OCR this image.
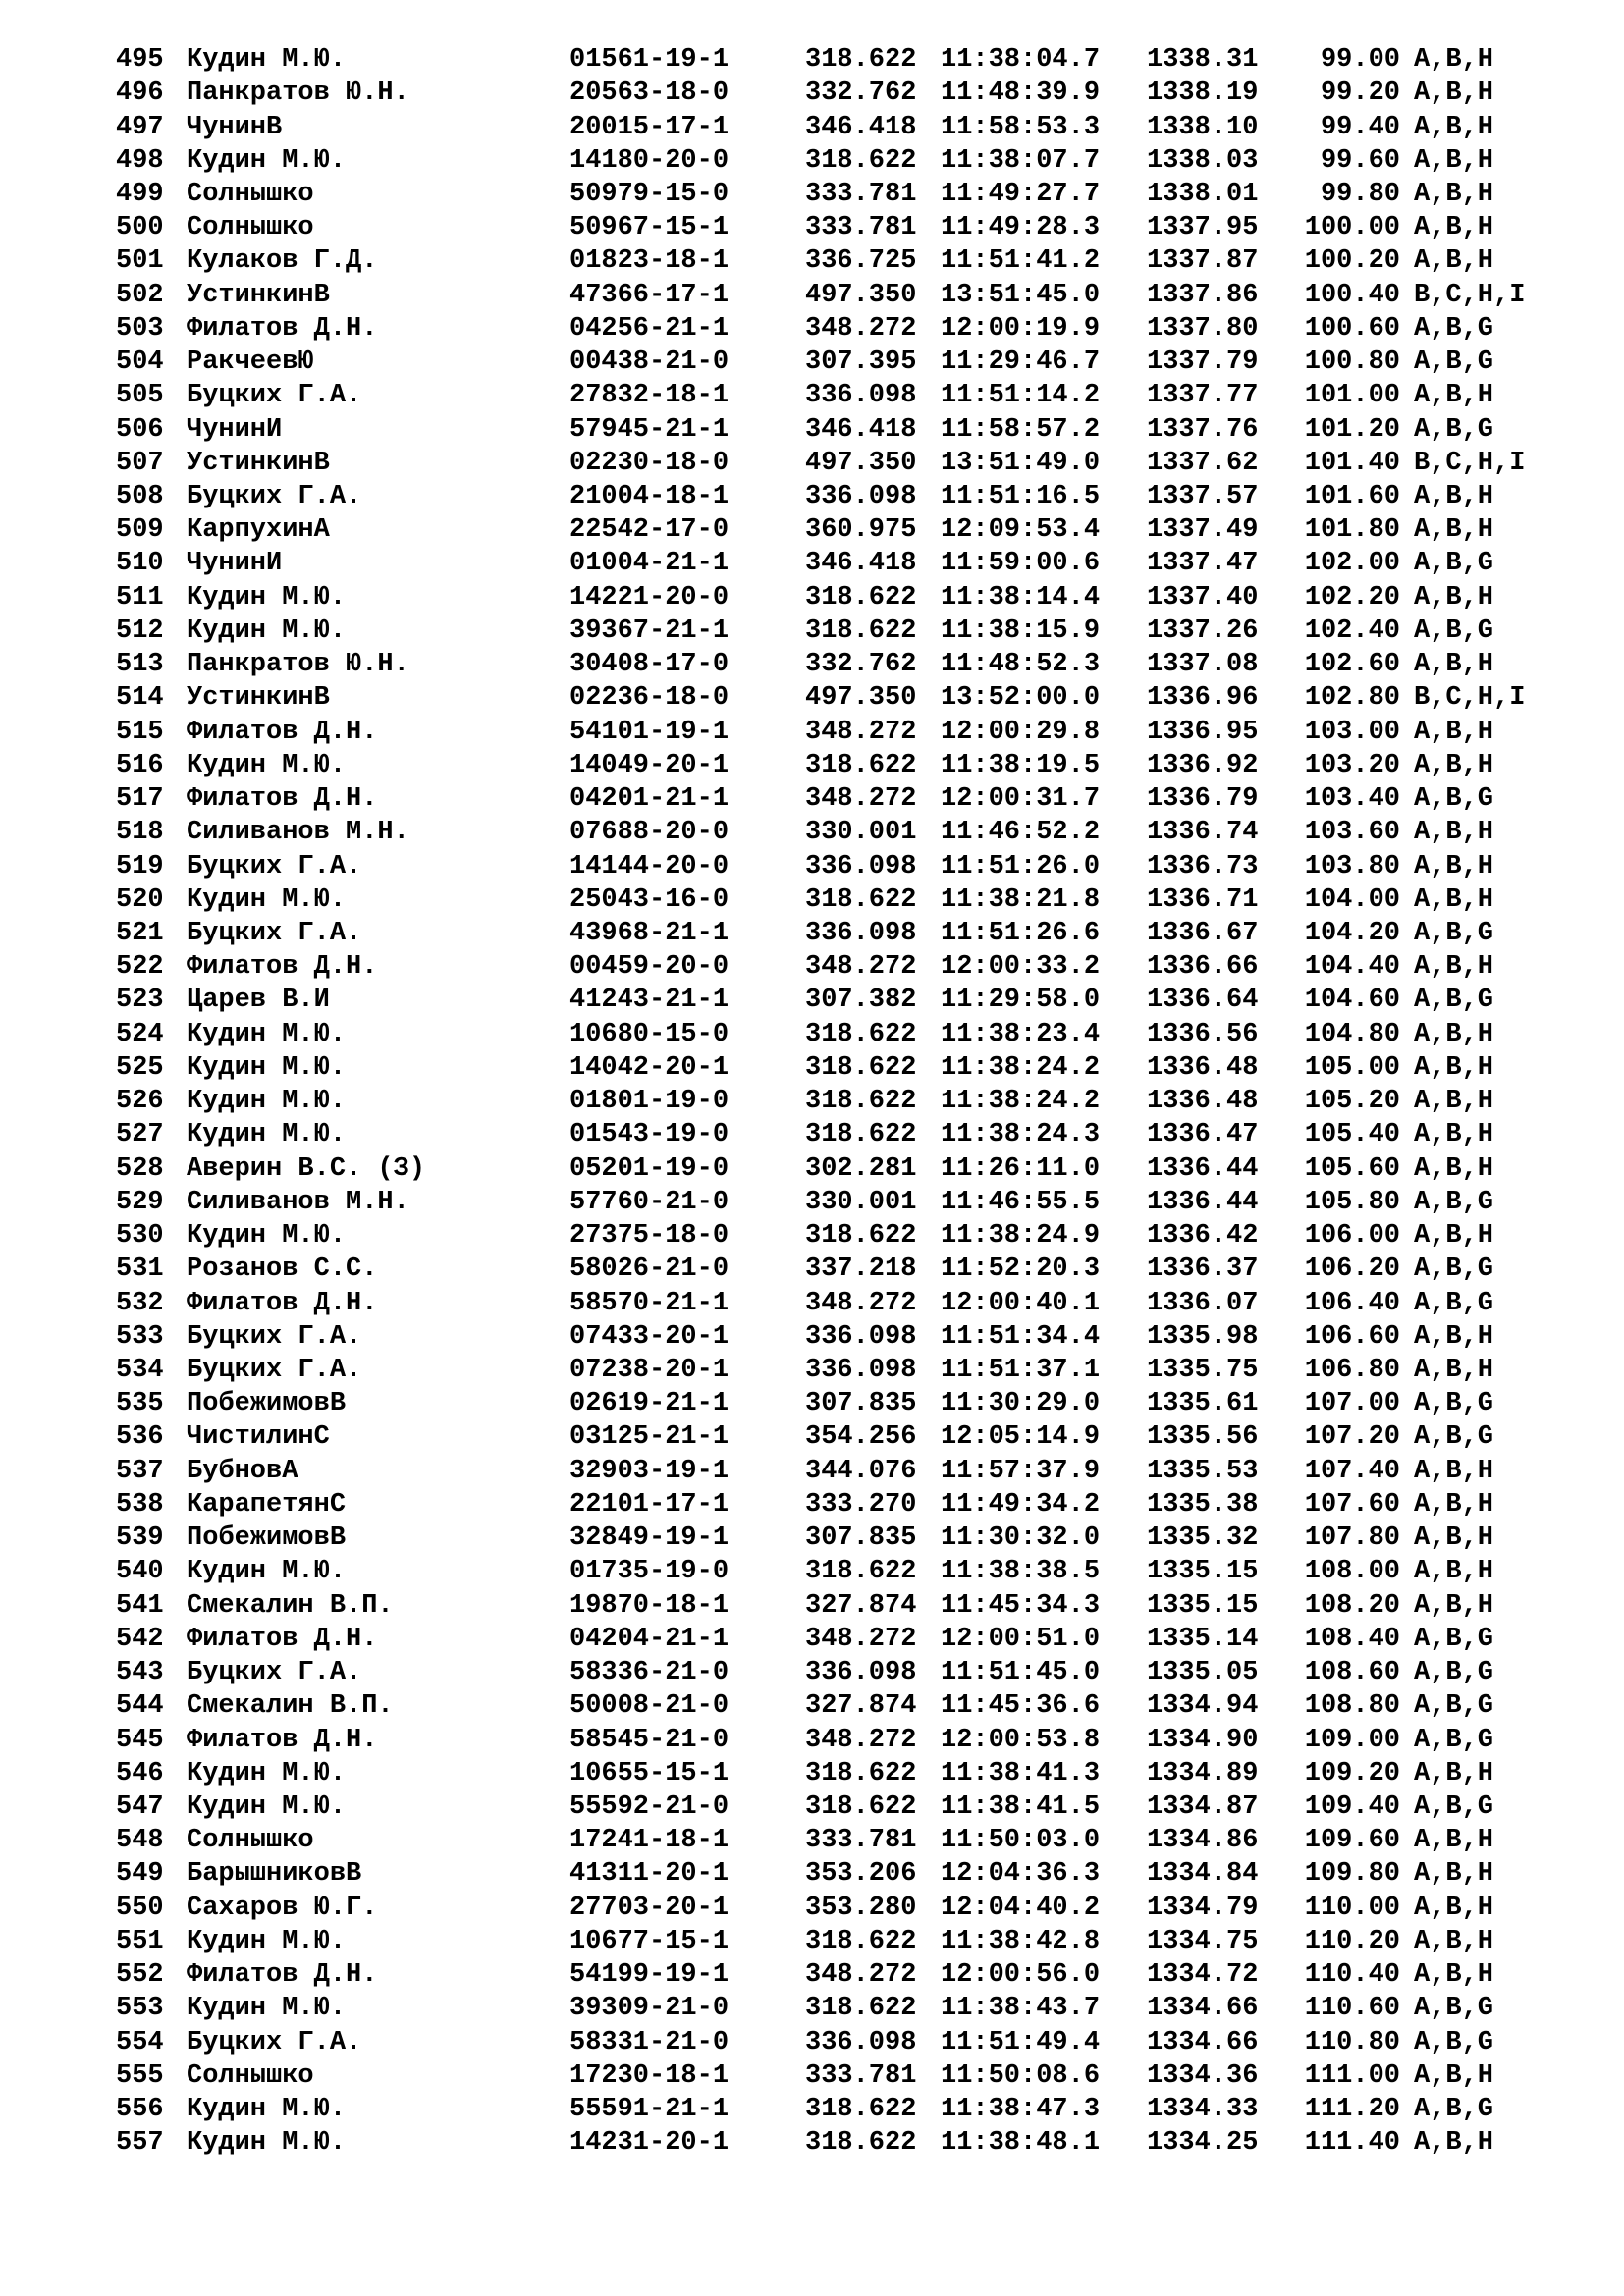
495 Кудин М.Ю.	01561-19-1	318.622 11:38:04.7 1338.31	99.00 A,B,H
496 Панкратов Ю.Н.	20563-18-0	332.762 11:48:39.9 1338.19	99.20 A,B,H
497 ЧунинВ	20015-17-1	346.418 11:58:53.3 1338.10	99.40 A,B,H
498 Кудин М.Ю.	14180-20-0	318.622 11:38:07.7 1338.03	99.60 A,B,H
499 Солнышко	50979-15-0	333.781 11:49:27.7 1338.01	99.80 A,B,H
500 Солнышко	50967-15-1	333.781 11:49:28.3 1337.95	100.00 A,B,H
501 Кулаков Г.Д.	01823-18-1	336.725 11:51:41.2 1337.87	100.20 A,B,H
502 УстинкинВ	47366-17-1	497.350 13:51:45.0 1337.86	100.40 B,C,H,I
503 Филатов Д.Н.	04256-21-1	348.272 12:00:19.9 1337.80	100.60 A,B,G
504 РакчеевЮ	00438-21-0	307.395 11:29:46.7 1337.79	100.80 A,B,G
505 Буцких Г.А.	27832-18-1	336.098 11:51:14.2 1337.77	101.00 A,B,H
506 ЧунинИ	57945-21-1	346.418 11:58:57.2 1337.76	101.20 A,B,G
507 УстинкинВ	02230-18-0	497.350 13:51:49.0 1337.62	101.40 B,C,H,I
508 Буцких Г.А.	21004-18-1	336.098 11:51:16.5 1337.57	101.60 A,B,H
509 КарпухинА	22542-17-0	360.975 12:09:53.4 1337.49	101.80 A,B,H
510 ЧунинИ	01004-21-1	346.418 11:59:00.6 1337.47	102.00 A,B,G
511 Кудин М.Ю.	14221-20-0	318.622 11:38:14.4 1337.40	102.20 A,B,H
512 Кудин М.Ю.	39367-21-1	318.622 11:38:15.9 1337.26	102.40 A,B,G
513 Панкратов Ю.Н.	30408-17-0	332.762 11:48:52.3 1337.08	102.60 A,B,H
514 УстинкинВ	02236-18-0	497.350 13:52:00.0 1336.96	102.80 B,C,H,I
515 Филатов Д.Н.	54101-19-1	348.272 12:00:29.8 1336.95	103.00 A,B,H
516 Кудин М.Ю.	14049-20-1	318.622 11:38:19.5 1336.92	103.20 A,B,H
517 Филатов Д.Н.	04201-21-1	348.272 12:00:31.7 1336.79	103.40 A,B,G
518 Силиванов М.Н.	07688-20-0	330.001 11:46:52.2 1336.74	103.60 A,B,H
519 Буцких Г.А.	14144-20-0	336.098 11:51:26.0 1336.73	103.80 A,B,H
520 Кудин М.Ю.	25043-16-0	318.622 11:38:21.8 1336.71	104.00 A,B,H
521 Буцких Г.А.	43968-21-1	336.098 11:51:26.6 1336.67	104.20 A,B,G
522 Филатов Д.Н.	00459-20-0	348.272 12:00:33.2 1336.66	104.40 A,B,H
523 Царев В.И	41243-21-1	307.382 11:29:58.0 1336.64	104.60 A,B,G
524 Кудин М.Ю.	10680-15-0	318.622 11:38:23.4 1336.56	104.80 A,B,H
525 Кудин М.Ю.	14042-20-1	318.622 11:38:24.2 1336.48	105.00 A,B,H
526 Кудин М.Ю.	01801-19-0	318.622 11:38:24.2 1336.48	105.20 A,B,H
527 Кудин М.Ю.	01543-19-0	318.622 11:38:24.3 1336.47	105.40 A,B,H
528 Аверин В.С. (З)	05201-19-0	302.281 11:26:11.0 1336.44	105.60 A,B,H
529 Силиванов М.Н.	57760-21-0	330.001 11:46:55.5 1336.44	105.80 A,B,G
530 Кудин М.Ю.	27375-18-0	318.622 11:38:24.9 1336.42	106.00 A,B,H
531 Розанов С.С.	58026-21-0	337.218 11:52:20.3 1336.37	106.20 A,B,G
532 Филатов Д.Н.	58570-21-1	348.272 12:00:40.1 1336.07	106.40 A,B,G
533 Буцких Г.А.	07433-20-1	336.098 11:51:34.4 1335.98	106.60 A,B,H
534 Буцких Г.А.	07238-20-1	336.098 11:51:37.1 1335.75	106.80 A,B,H
535 ПобежимовВ	02619-21-1	307.835 11:30:29.0 1335.61	107.00 A,B,G
536 ЧистилинС	03125-21-1	354.256 12:05:14.9 1335.56	107.20 A,B,G
537 БубновА	32903-19-1	344.076 11:57:37.9 1335.53	107.40 A,B,H
538 КарапетянС	22101-17-1	333.270 11:49:34.2 1335.38	107.60 A,B,H
539 ПобежимовВ	32849-19-1	307.835 11:30:32.0 1335.32	107.80 A,B,H
540 Кудин М.Ю.	01735-19-0	318.622 11:38:38.5 1335.15	108.00 A,B,H
541 Смекалин В.П.	19870-18-1	327.874 11:45:34.3 1335.15	108.20 A,B,H
542 Филатов Д.Н.	04204-21-1	348.272 12:00:51.0 1335.14	108.40 A,B,G
543 Буцких Г.А.	58336-21-0	336.098 11:51:45.0 1335.05	108.60 A,B,G
544 Смекалин В.П.	50008-21-0	327.874 11:45:36.6 1334.94	108.80 A,B,G
545 Филатов Д.Н.	58545-21-0	348.272 12:00:53.8 1334.90	109.00 A,B,G
546 Кудин М.Ю.	10655-15-1	318.622 11:38:41.3 1334.89	109.20 A,B,H
547 Кудин М.Ю.	55592-21-0	318.622 11:38:41.5 1334.87	109.40 A,B,G
548 Солнышко	17241-18-1	333.781 11:50:03.0 1334.86	109.60 A,B,H
549 БарышниковВ	41311-20-1	353.206 12:04:36.3 1334.84	109.80 A,B,H
550 Сахаров Ю.Г.	27703-20-1	353.280 12:04:40.2 1334.79	110.00 A,B,H
551 Кудин М.Ю.	10677-15-1	318.622 11:38:42.8 1334.75	110.20 A,B,H
552 Филатов Д.Н.	54199-19-1	348.272 12:00:56.0 1334.72	110.40 A,B,H
553 Кудин М.Ю.	39309-21-0	318.622 11:38:43.7 1334.66	110.60 A,B,G
554 Буцких Г.А.	58331-21-0	336.098 11:51:49.4 1334.66	110.80 A,B,G
555 Солнышко	17230-18-1	333.781 11:50:08.6 1334.36	111.00 A,B,H
556 Кудин М.Ю.	55591-21-1	318.622 11:38:47.3 1334.33	111.20 A,B,G
557 Кудин М.Ю.	14231-20-1	318.622 11:38:48.1 1334.25	111.40 A,B,H
